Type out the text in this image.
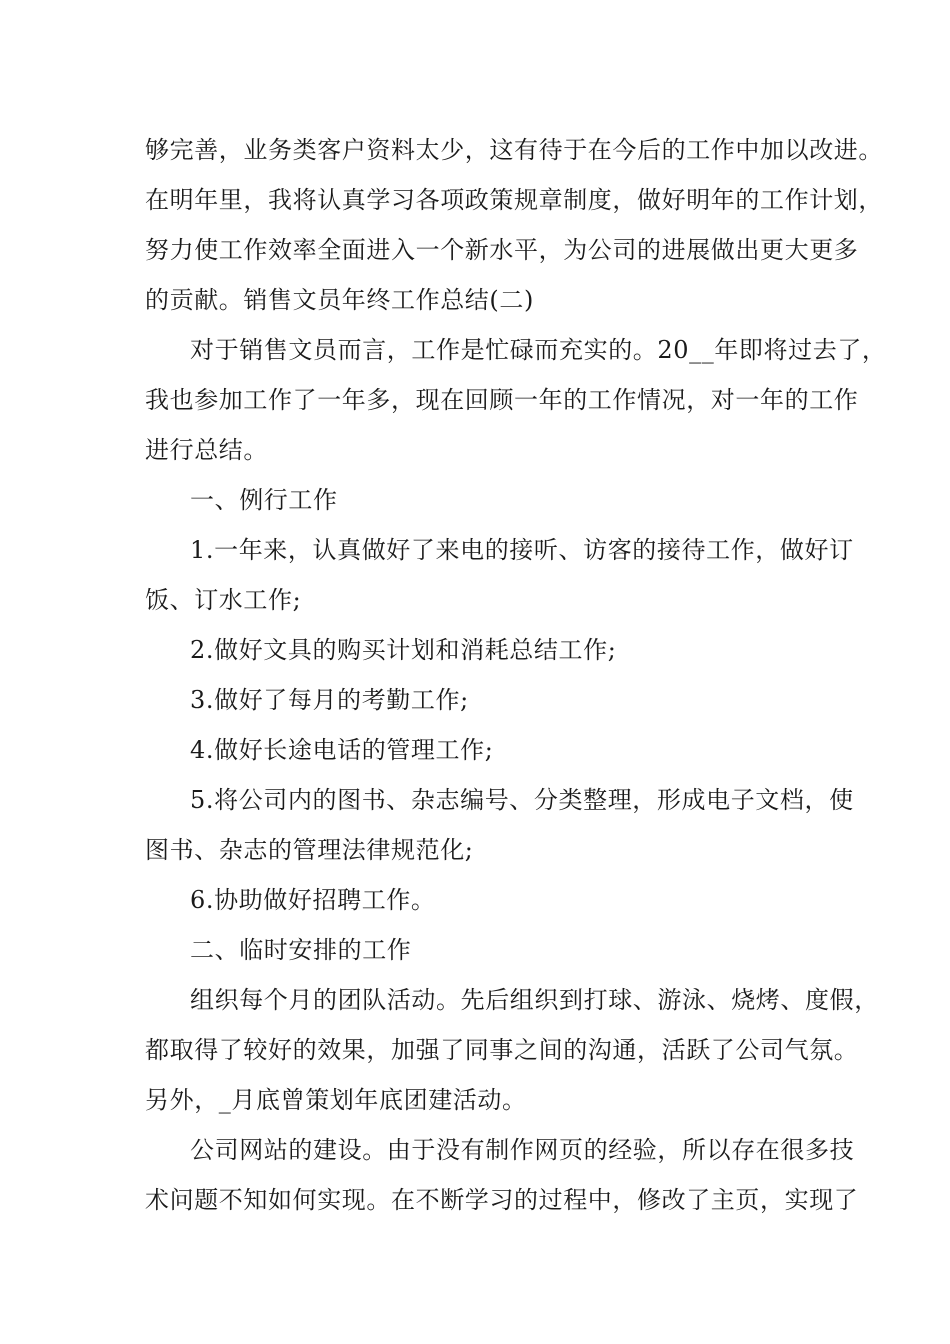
够完善，业务类客户资料太少，这有待于在今后的工作中加以改进。
在明年里，我将认真学习各项政策规章制度，做好明年的工作计划，
努力使工作效率全面进入一个新水平，为公司的进展做出更大更多
的贡献。销售文员年终工作总结(二)
对于销售文员而言，工作是忙碌而充实的。20__年即将过去了，
我也参加工作了一年多，现在回顾一年的工作情况，对一年的工作
进行总结。
一、例行工作
1.一年来，认真做好了来电的接听、访客的接待工作，做好订
饭、订水工作;
2.做好文具的购买计划和消耗总结工作;
3.做好了每月的考勤工作;
4.做好长途电话的管理工作;
5.将公司内的图书、杂志编号、分类整理，形成电子文档，使
图书、杂志的管理法律规范化;
6.协助做好招聘工作。
二、临时安排的工作
组织每个月的团队活动。先后组织到打球、游泳、烧烤、度假，
都取得了较好的效果，加强了同事之间的沟通，活跃了公司气氛。
另外，_月底曾策划年底团建活动。
公司网站的建设。由于没有制作网页的经验，所以存在很多技
术问题不知如何实现。在不断学习的过程中，修改了主页，实现了
